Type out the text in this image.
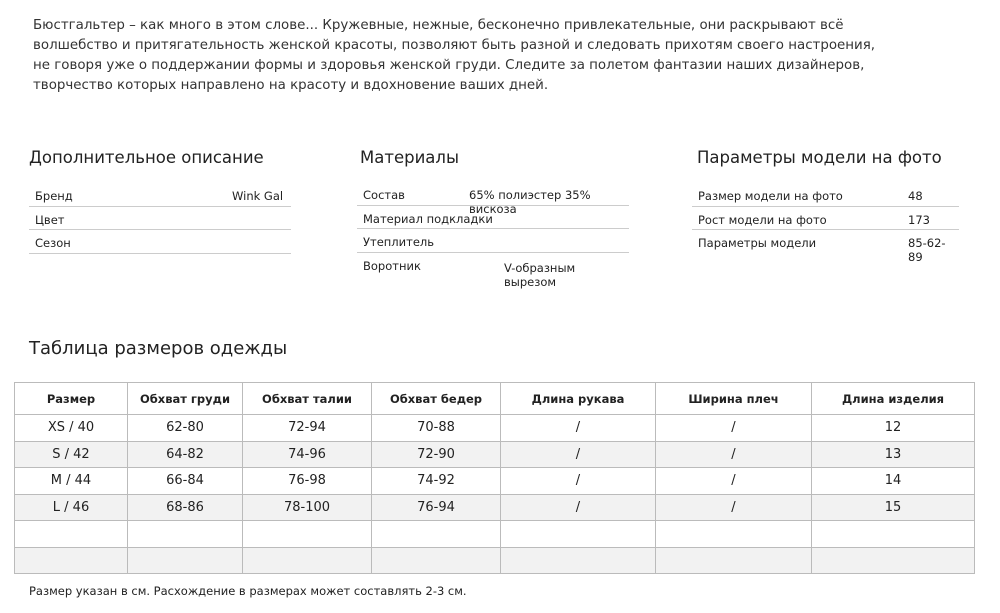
Бюстгальтер – как много в этом слове... Кружевные, нежные, бесконечно привлекательные, они раскрывают всё волшебство и притягательность женской красоты, позволяют быть разной и следовать прихотям своего настроения, не говоря уже о поддержании формы и здоровья женской груди. Следите за полетом фантазии наших дизайнеров, творчество которых направлено на красоту и вдохновение ваших дней.
Дополнительное описание
Бренд	Wink Gal
Цвет
Сезон
Материалы
Состав	65% полиэстер 35% вискоза
Материал подкладки
Утеплитель
Воротник	V-образным вырезом
Параметры модели на фото
Размер модели на фото	48
Рост модели на фото	173
Параметры модели	85-62-89
Таблица размеров одежды
Размер	Обхват груди	Обхват талии	Обхват бедер	Длина рукава	Ширина плеч	Длина изделия
XS / 40	62-80	72-94	70-88	/	/	12
S / 42	64-82	74-96	72-90	/	/	13
M / 44	66-84	76-98	74-92	/	/	14
L / 46	68-86	78-100	76-94	/	/	15

Размер указан в см. Расхождение в размерах может составлять 2-3 см.
